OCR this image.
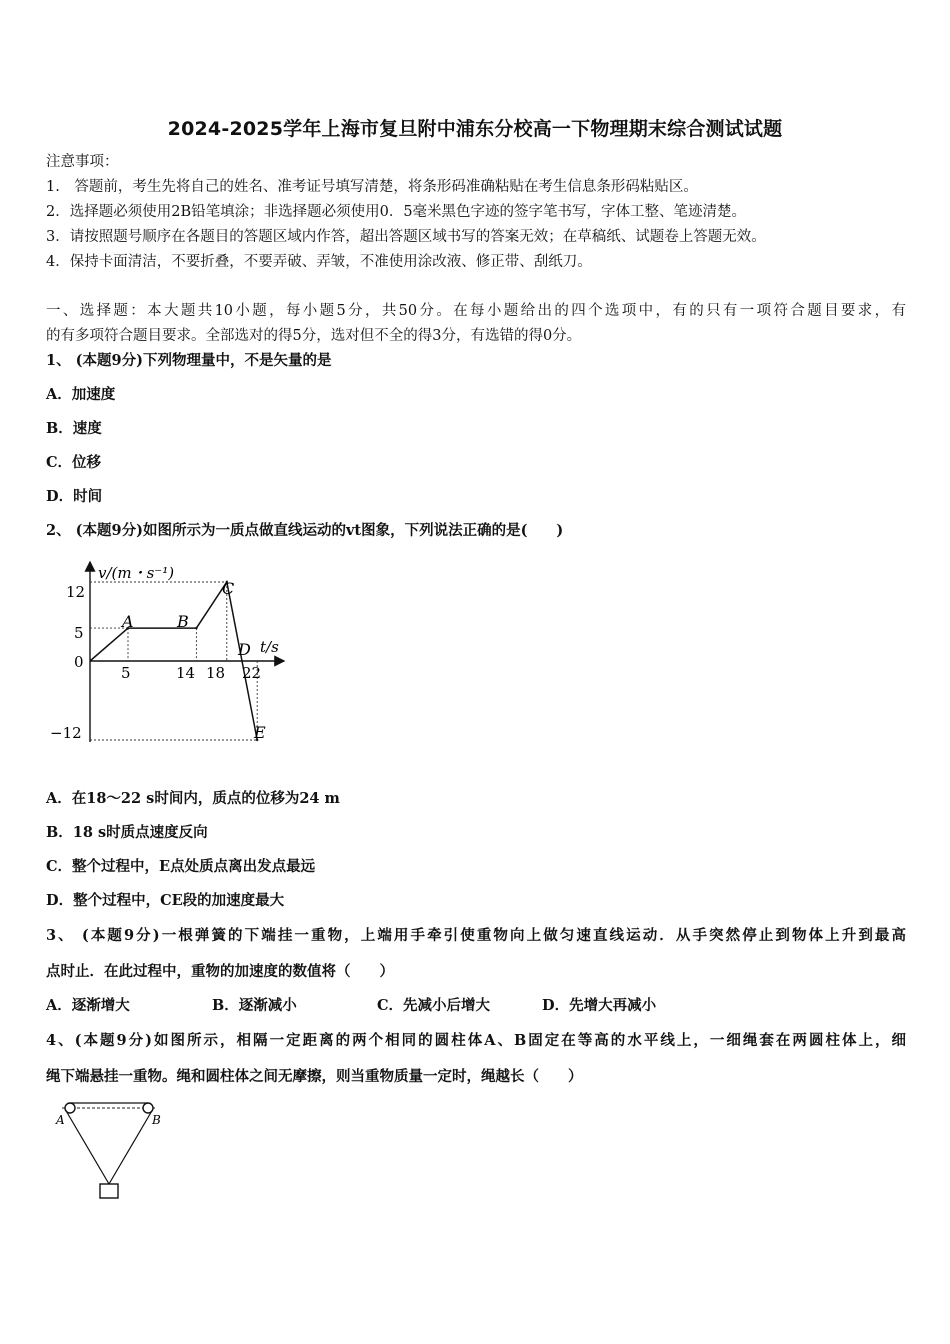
2024-2025学年上海市复旦附中浦东分校高一下物理期末综合测试试题
注意事项：
1.　答题前，考生先将自己的姓名、准考证号填写清楚，将条形码准确粘贴在考生信息条形码粘贴区。
2．选择题必须使用2B铅笔填涂；非选择题必须使用0．5毫米黑色字迹的签字笔书写，字体工整、笔迹清楚。
3．请按照题号顺序在各题目的答题区域内作答，超出答题区域书写的答案无效；在草稿纸、试题卷上答题无效。
4．保持卡面清洁，不要折叠，不要弄破、弄皱，不准使用涂改液、修正带、刮纸刀。
一、选择题：本大题共10小题，每小题5分，共50分。在每小题给出的四个选项中，有的只有一项符合题目要求，有
的有多项符合题目要求。全部选对的得5分，选对但不全的得3分，有选错的得0分。
1、 (本题9分)下列物理量中，不是矢量的是
A．加速度
B．速度
C．位移
D．时间
2、 (本题9分)如图所示为一质点做直线运动的vt图象，下列说法正确的是(　　)
v/(m・s⁻¹)
t/s
0
12
5
−12
5	14 18 22
A	B
C
D
E
A．在18～22 s时间内，质点的位移为24 m
B．18 s时质点速度反向
C．整个过程中，E点处质点离出发点最远
D．整个过程中，CE段的加速度最大
3、 (本题9分)一根弹簧的下端挂一重物，上端用手牵引使重物向上做匀速直线运动．从手突然停止到物体上升到最高
点时止．在此过程中，重物的加速度的数值将（　　）
A．逐渐增大	B．逐渐减小	C．先减小后增大	D．先增大再减小
4、(本题9分)如图所示，相隔一定距离的两个相同的圆柱体A、B固定在等高的水平线上，一细绳套在两圆柱体上，细
绳下端悬挂一重物。绳和圆柱体之间无摩擦，则当重物质量一定时，绳越长（　　）
A	B
